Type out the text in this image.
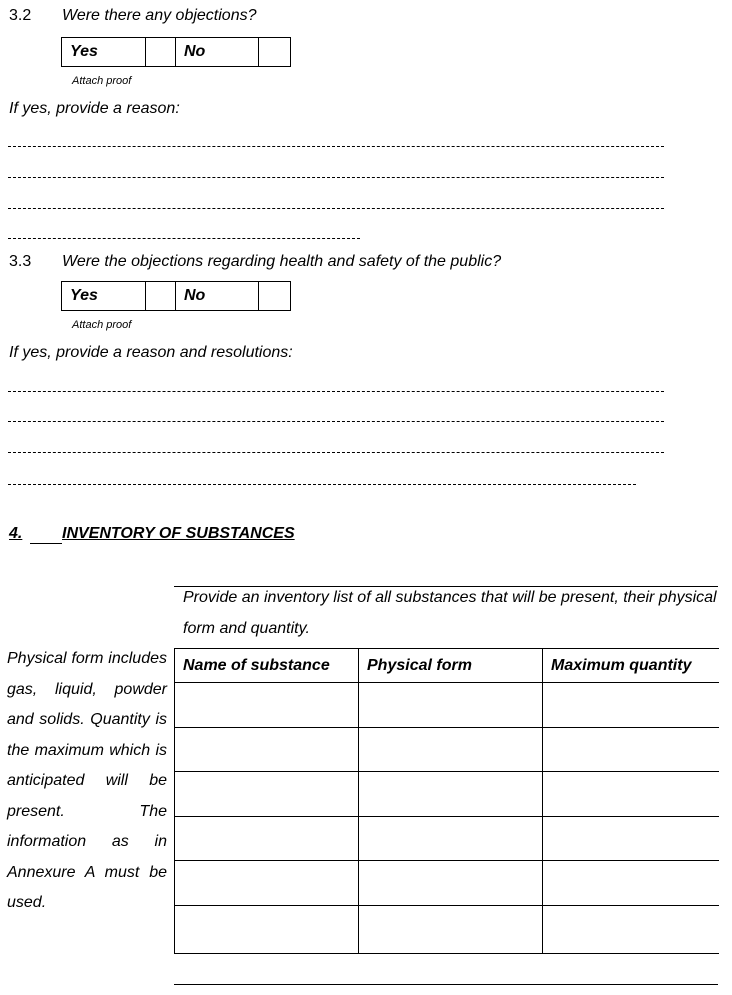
3.2 Were there any objections?
Yes		No	
Attach proof
If yes, provide a reason:
3.3 Were the objections regarding health and safety of the public?
Yes		No	
Attach proof
If yes, provide a reason and resolutions:
4. INVENTORY OF SUBSTANCES
Physical form includes gas, liquid, powder and solids. Quantity is the maximum which is anticipated will be present. The information as in Annexure A must be used.
Provide an inventory list of all substances that will be present, their physical form and quantity.
Name of substance	Physical form	Maximum quantity
